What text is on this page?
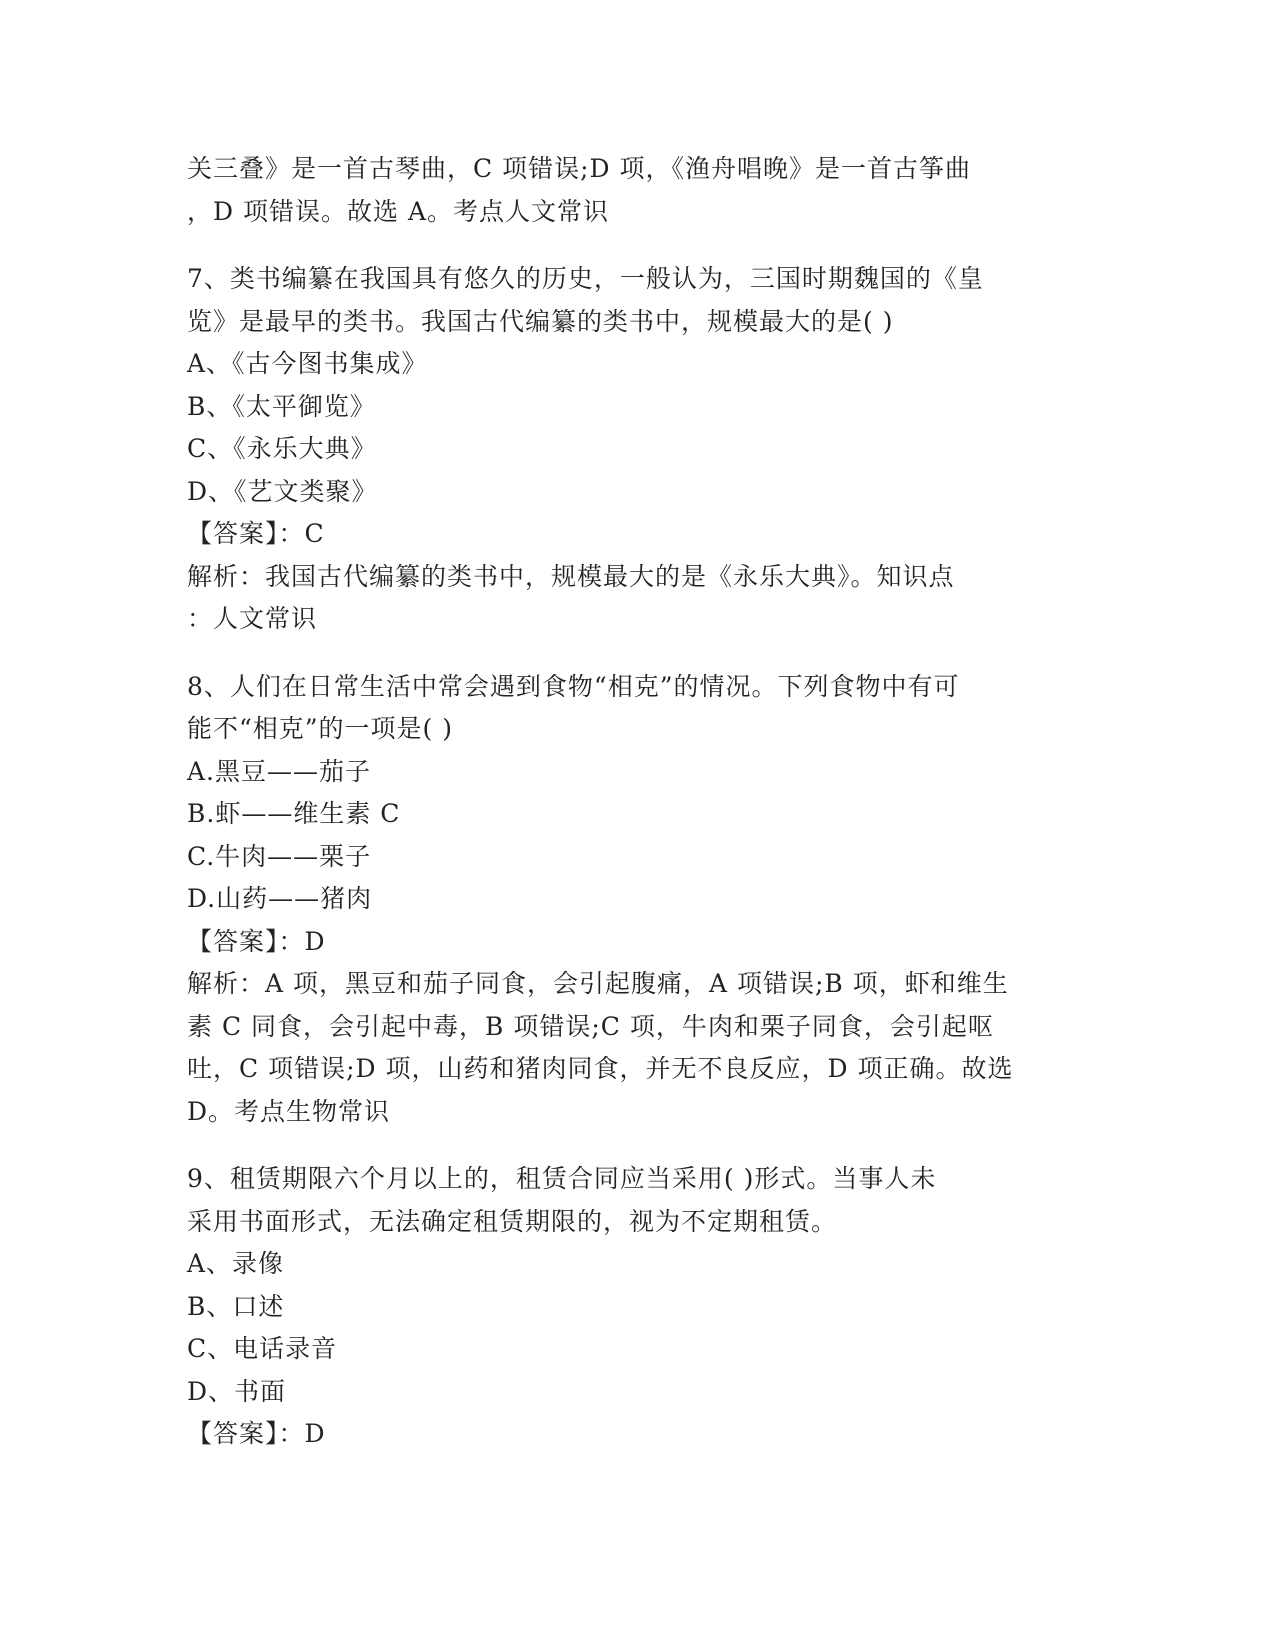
关三叠》是一首古琴曲，C 项错误;D 项，《渔舟唱晚》是一首古筝曲
，D 项错误。故选 A。考点人文常识
7、类书编纂在我国具有悠久的历史，一般认为，三国时期魏国的《皇
览》是最早的类书。我国古代编纂的类书中，规模最大的是( )
A、《古今图书集成》
B、《太平御览》
C、《永乐大典》
D、《艺文类聚》
【答案】：C
解析：我国古代编纂的类书中，规模最大的是《永乐大典》。知识点
：人文常识
8、人们在日常生活中常会遇到食物“相克”的情况。下列食物中有可
能不“相克”的一项是( )
A.黑豆——茄子
B.虾——维生素 C
C.牛肉——栗子
D.山药——猪肉
【答案】：D
解析：A 项，黑豆和茄子同食，会引起腹痛，A 项错误;B 项，虾和维生
素 C 同食，会引起中毒，B 项错误;C 项，牛肉和栗子同食，会引起呕
吐，C 项错误;D 项，山药和猪肉同食，并无不良反应，D 项正确。故选
D。考点生物常识
9、租赁期限六个月以上的，租赁合同应当采用( )形式。当事人未
采用书面形式，无法确定租赁期限的，视为不定期租赁。
A、录像
B、口述
C、电话录音
D、书面
【答案】：D
